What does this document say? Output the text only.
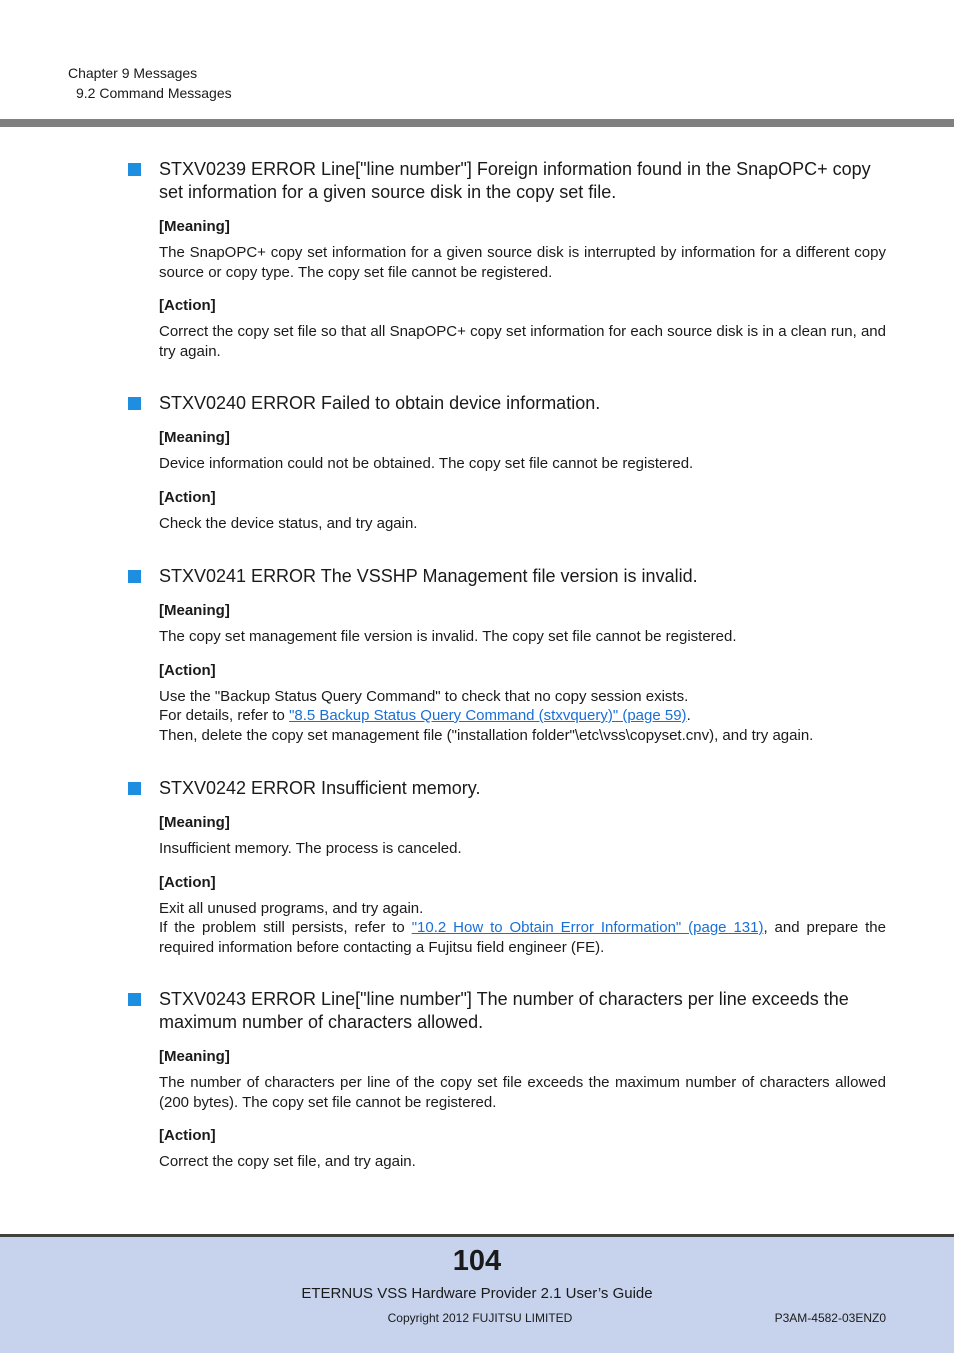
Chapter 9 Messages
9.2 Command Messages
STXV0239 ERROR Line["line number"] Foreign information found in the SnapOPC+ copy set information for a given source disk in the copy set file.
[Meaning]
The SnapOPC+ copy set information for a given source disk is interrupted by information for a different copy source or copy type. The copy set file cannot be registered.
[Action]
Correct the copy set file so that all SnapOPC+ copy set information for each source disk is in a clean run, and try again.
STXV0240 ERROR Failed to obtain device information.
[Meaning]
Device information could not be obtained. The copy set file cannot be registered.
[Action]
Check the device status, and try again.
STXV0241 ERROR The VSSHP Management file version is invalid.
[Meaning]
The copy set management file version is invalid. The copy set file cannot be registered.
[Action]
Use the "Backup Status Query Command" to check that no copy session exists.
For details, refer to "8.5 Backup Status Query Command (stxvquery)" (page 59).
Then, delete the copy set management file ("installation folder"\etc\vss\copyset.cnv), and try again.
STXV0242 ERROR Insufficient memory.
[Meaning]
Insufficient memory. The process is canceled.
[Action]
Exit all unused programs, and try again.
If the problem still persists, refer to "10.2 How to Obtain Error Information" (page 131), and prepare the required information before contacting a Fujitsu field engineer (FE).
STXV0243 ERROR Line["line number"] The number of characters per line exceeds the maximum number of characters allowed.
[Meaning]
The number of characters per line of the copy set file exceeds the maximum number of characters allowed (200 bytes). The copy set file cannot be registered.
[Action]
Correct the copy set file, and try again.
104
ETERNUS VSS Hardware Provider 2.1 User’s Guide
Copyright 2012 FUJITSU LIMITED	P3AM-4582-03ENZ0
